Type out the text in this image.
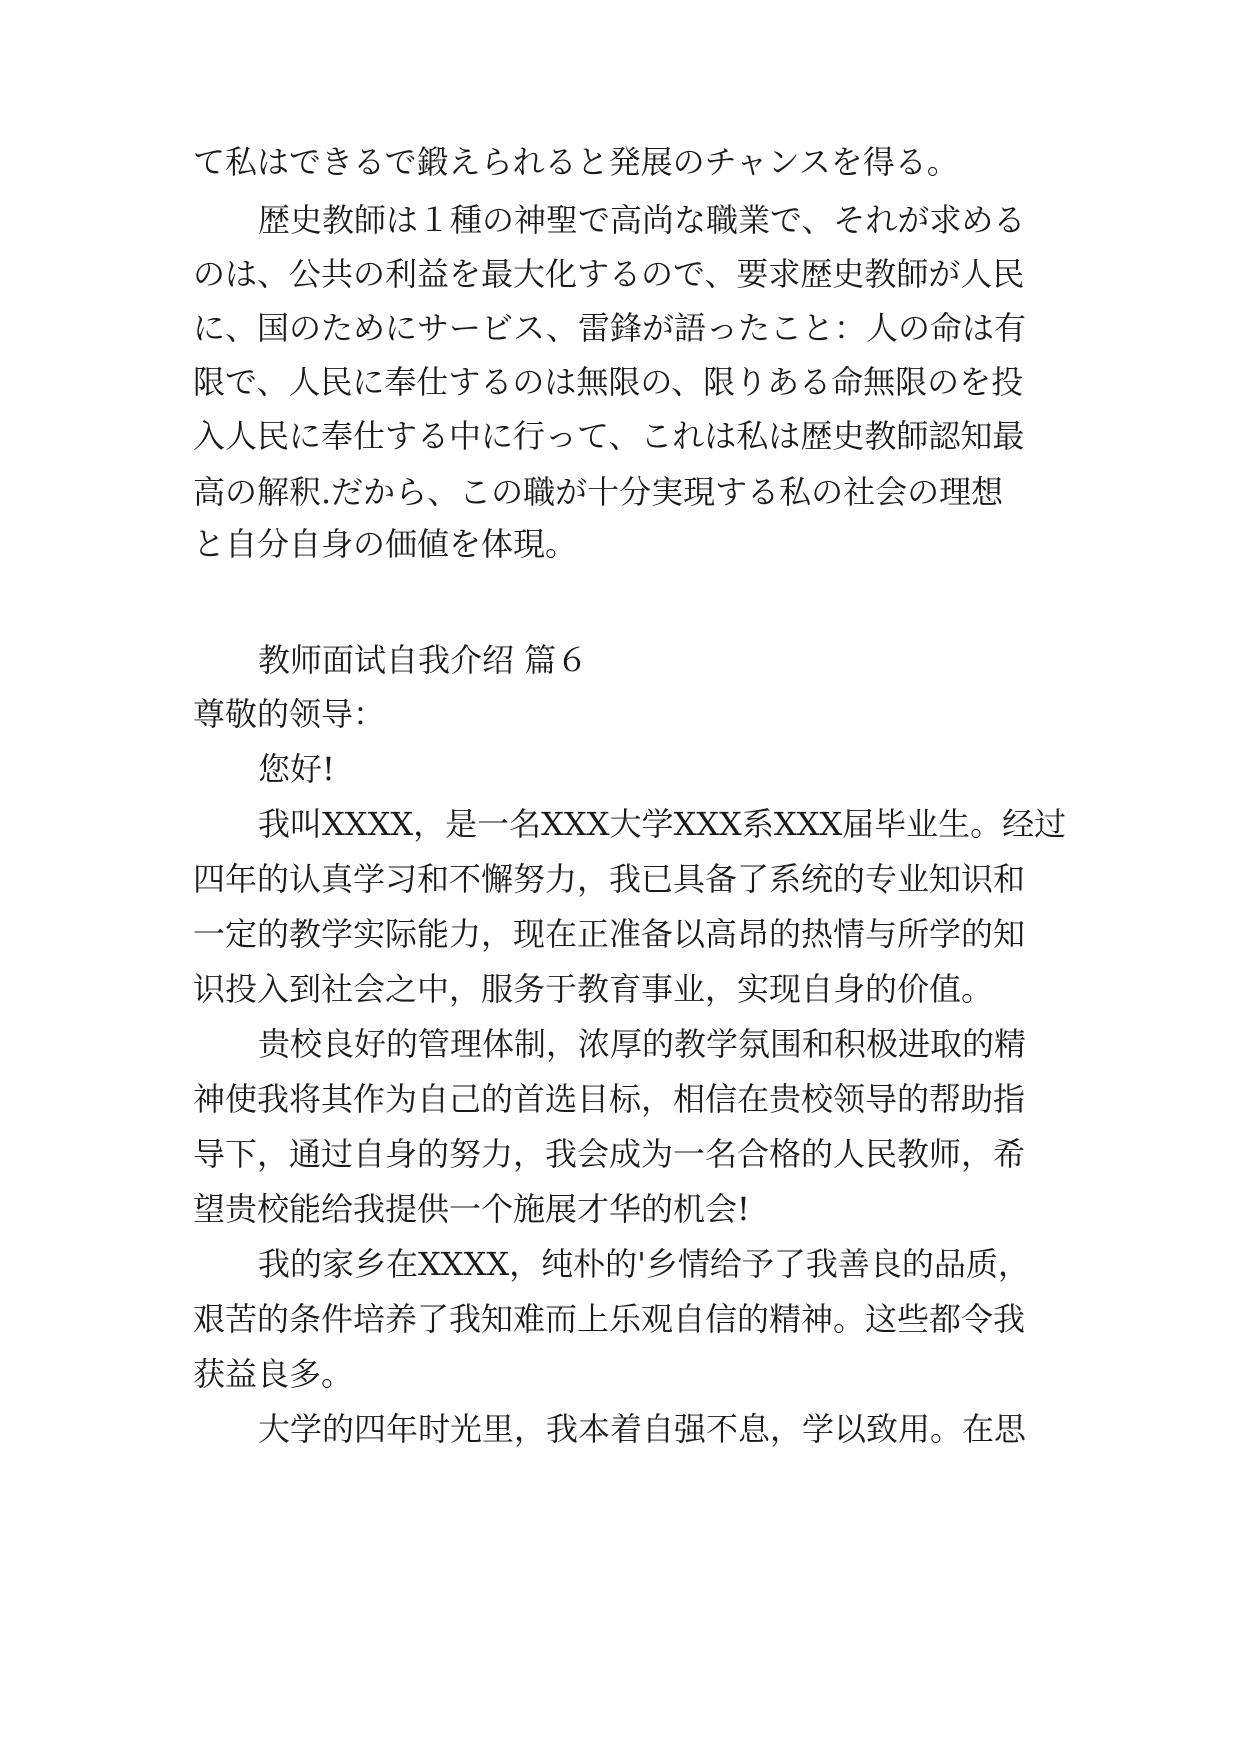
て私はできるで鍛えられると発展のチャンスを得る。
歴史教師は１種の神聖で高尚な職業で、それが求める
のは、公共の利益を最大化するので、要求歴史教師が人民
に、国のためにサービス、雷鋒が語ったこと：人の命は有
限で、人民に奉仕するのは無限の、限りある命無限のを投
入人民に奉仕する中に行って、これは私は歴史教師認知最
高の解釈.だから、この職が十分実現する私の社会の理想
と自分自身の価値を体現。
教师面试自我介绍 篇６
尊敬的领导：
您好!
我叫XXXX，是一名XXX大学XXX系XXX届毕业生。经过
四年的认真学习和不懈努力，我已具备了系统的专业知识和
一定的教学实际能力，现在正准备以高昂的热情与所学的知
识投入到社会之中，服务于教育事业，实现自身的价值。
贵校良好的管理体制，浓厚的教学氛围和积极进取的精
神使我将其作为自己的首选目标，相信在贵校领导的帮助指
导下，通过自身的努力，我会成为一名合格的人民教师，希
望贵校能给我提供一个施展才华的机会!
我的家乡在XXXX，纯朴的'乡情给予了我善良的品质，
艰苦的条件培养了我知难而上乐观自信的精神。这些都令我
获益良多。
大学的四年时光里，我本着自强不息，学以致用。在思
